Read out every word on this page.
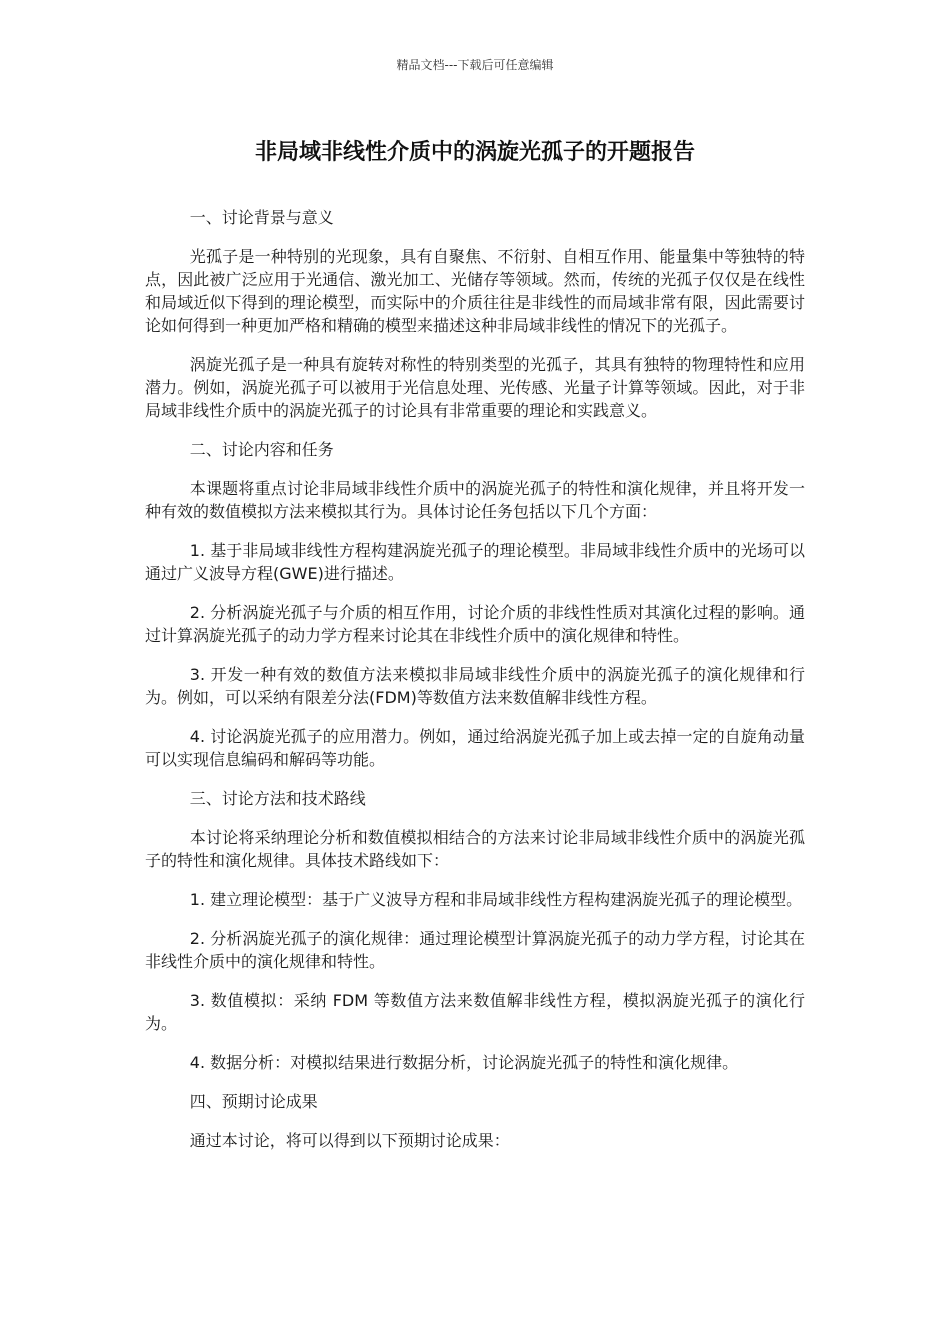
精品文档---下载后可任意编辑
非局域非线性介质中的涡旋光孤子的开题报告

一、讨论背景与意义

光孤子是一种特别的光现象，具有自聚焦、不衍射、自相互作用、能量集中等独特的特点，因此被广泛应用于光通信、激光加工、光储存等领域。然而，传统的光孤子仅仅是在线性和局域近似下得到的理论模型，而实际中的介质往往是非线性的而局域非常有限，因此需要讨论如何得到一种更加严格和精确的模型来描述这种非局域非线性的情况下的光孤子。

涡旋光孤子是一种具有旋转对称性的特别类型的光孤子，其具有独特的物理特性和应用潜力。例如，涡旋光孤子可以被用于光信息处理、光传感、光量子计算等领域。因此，对于非局域非线性介质中的涡旋光孤子的讨论具有非常重要的理论和实践意义。

二、讨论内容和任务

本课题将重点讨论非局域非线性介质中的涡旋光孤子的特性和演化规律，并且将开发一种有效的数值模拟方法来模拟其行为。具体讨论任务包括以下几个方面：

1. 基于非局域非线性方程构建涡旋光孤子的理论模型。非局域非线性介质中的光场可以通过广义波导方程(GWE)进行描述。

2. 分析涡旋光孤子与介质的相互作用，讨论介质的非线性性质对其演化过程的影响。通过计算涡旋光孤子的动力学方程来讨论其在非线性介质中的演化规律和特性。

3. 开发一种有效的数值方法来模拟非局域非线性介质中的涡旋光孤子的演化规律和行为。例如，可以采纳有限差分法(FDM)等数值方法来数值解非线性方程。

4. 讨论涡旋光孤子的应用潜力。例如，通过给涡旋光孤子加上或去掉一定的自旋角动量可以实现信息编码和解码等功能。

三、讨论方法和技术路线

本讨论将采纳理论分析和数值模拟相结合的方法来讨论非局域非线性介质中的涡旋光孤子的特性和演化规律。具体技术路线如下：

1. 建立理论模型：基于广义波导方程和非局域非线性方程构建涡旋光孤子的理论模型。

2. 分析涡旋光孤子的演化规律：通过理论模型计算涡旋光孤子的动力学方程，讨论其在非线性介质中的演化规律和特性。

3. 数值模拟：采纳 FDM 等数值方法来数值解非线性方程，模拟涡旋光孤子的演化行为。

4. 数据分析：对模拟结果进行数据分析，讨论涡旋光孤子的特性和演化规律。

四、预期讨论成果

通过本讨论，将可以得到以下预期讨论成果：
